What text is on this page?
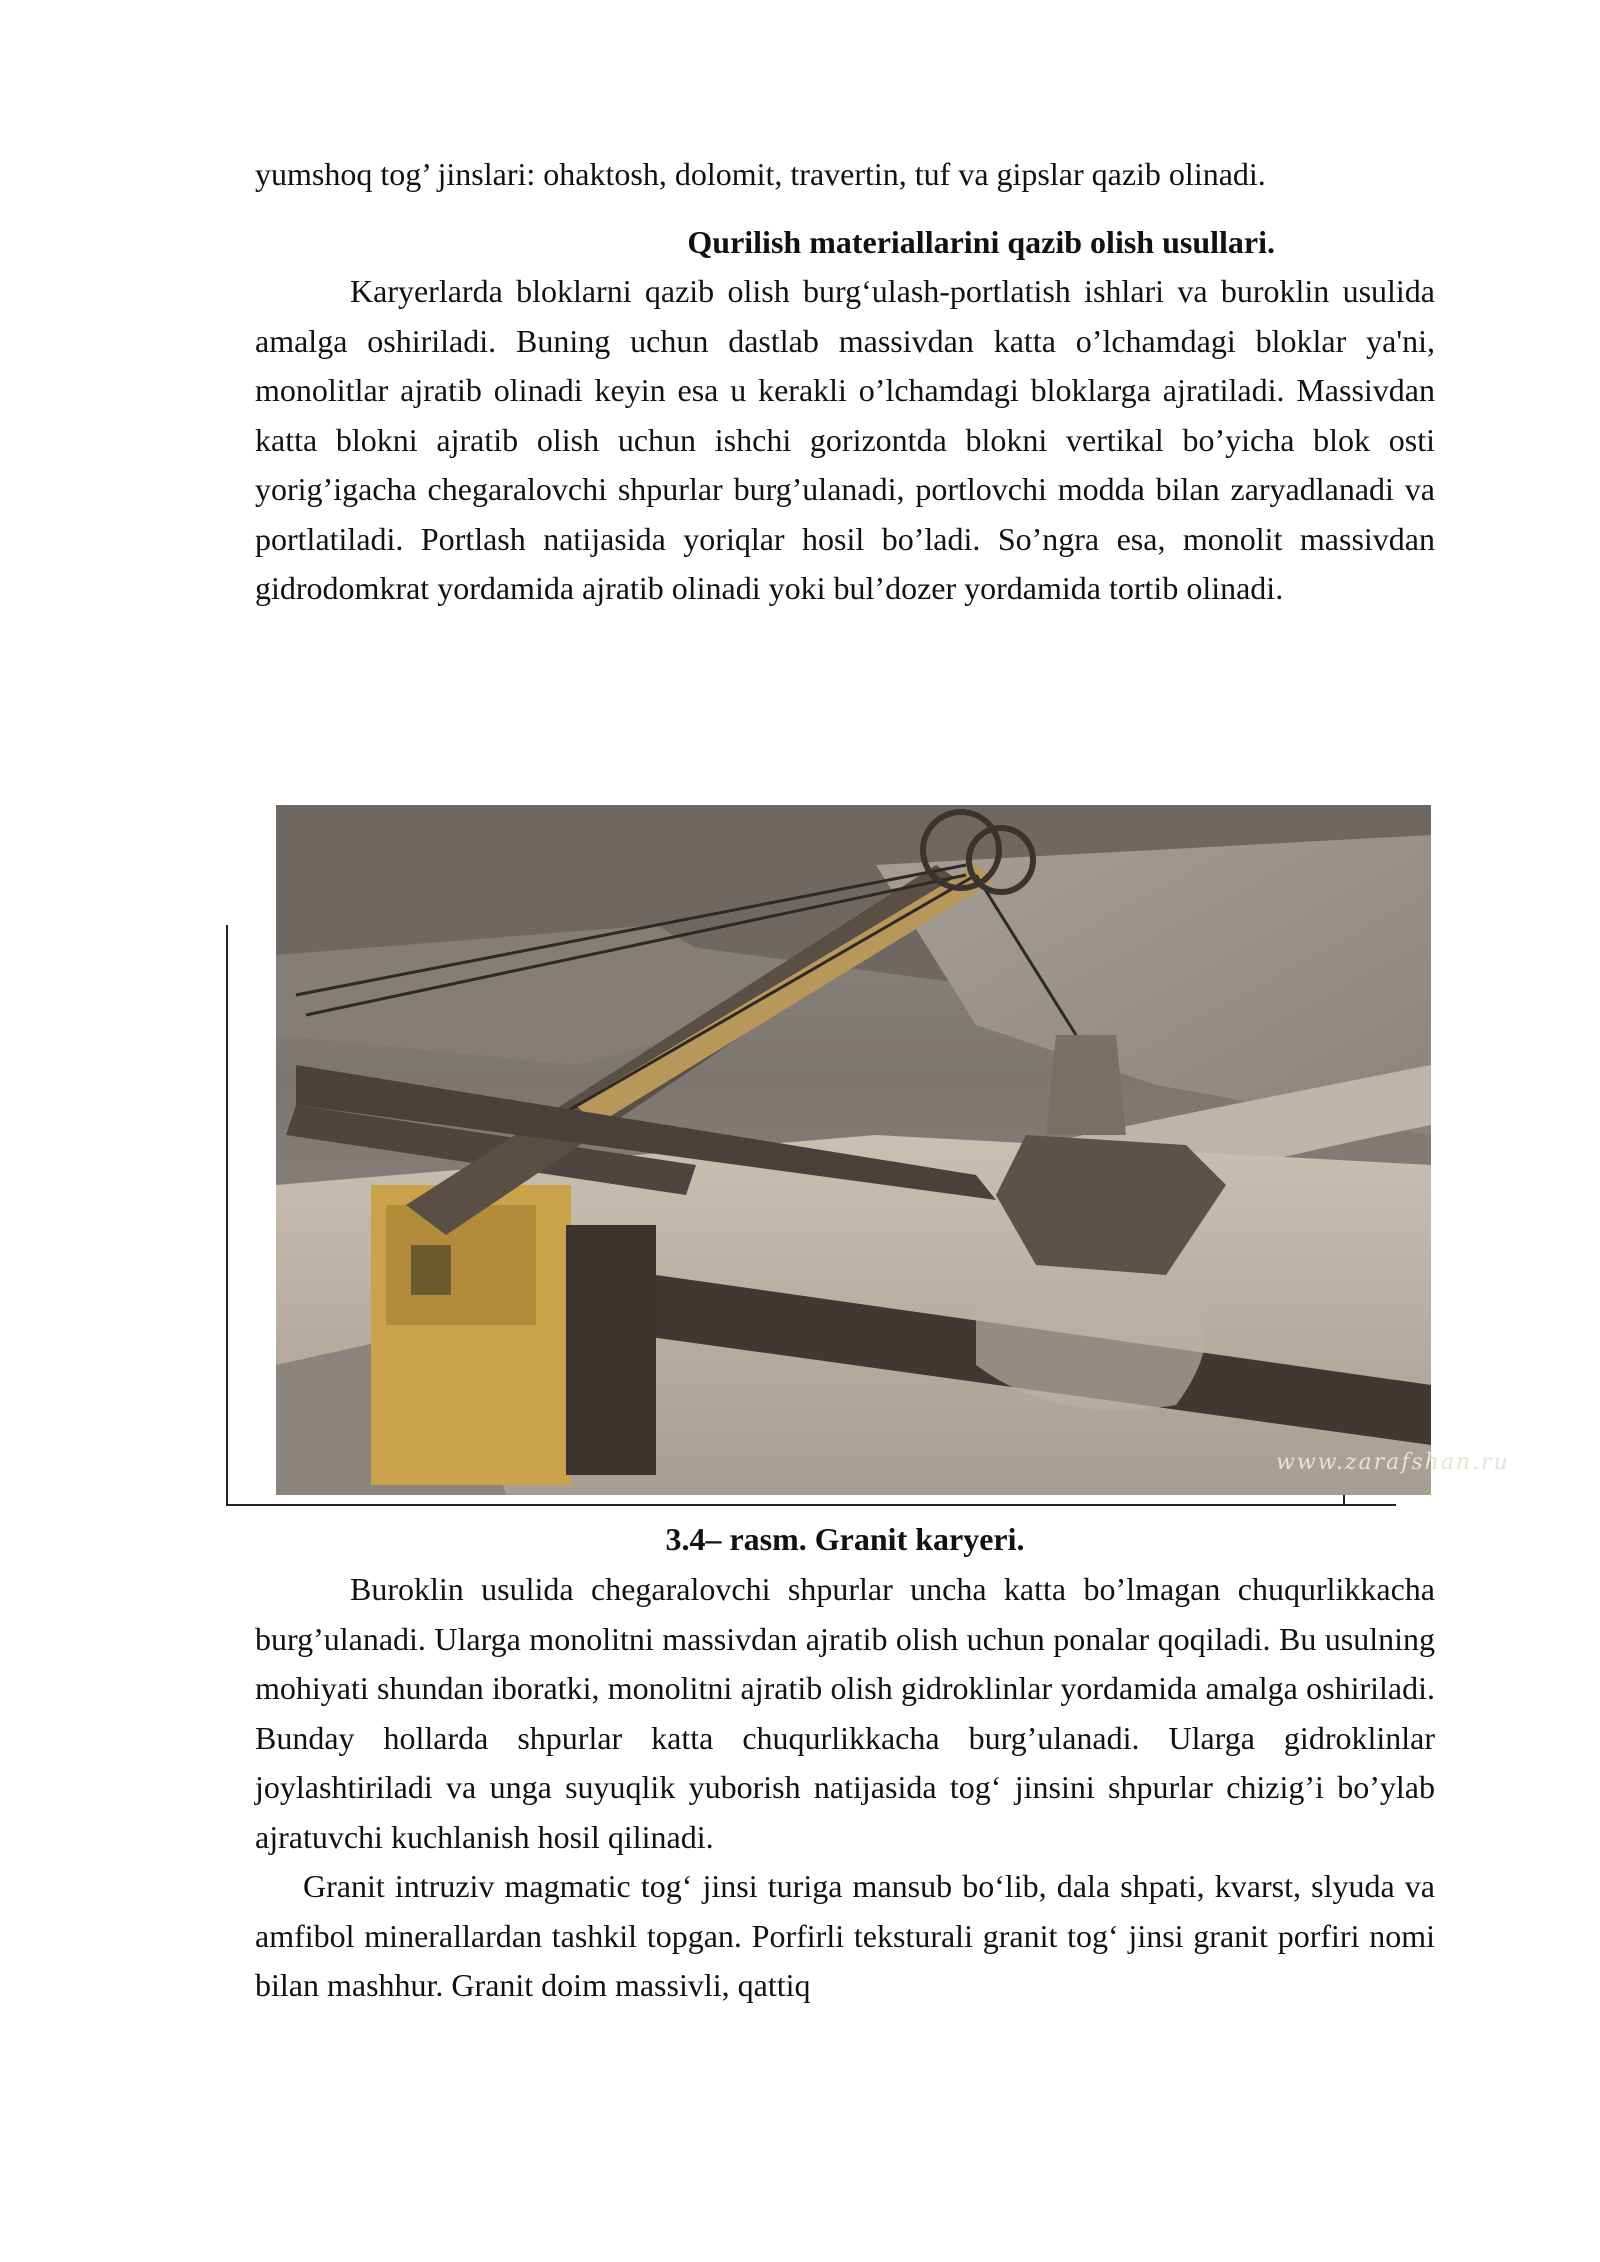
yumshoq tog’ jinslari: ohaktosh, dolomit, travertin, tuf va gipslar qazib olinadi.

Qurilish materiallarini qazib olish usullari.

Karyerlarda bloklarni qazib olish burg‘ulash-portlatish ishlari va buroklin usulida amalga oshiriladi. Buning uchun dastlab massivdan katta o’lchamdagi bloklar ya'ni, monolitlar ajratib olinadi keyin esa u kerakli o’lchamdagi bloklarga ajratiladi. Massivdan katta blokni ajratib olish uchun ishchi gorizontda blokni vertikal bo’yicha blok osti yorig’igacha chegaralovchi shpurlar burg’ulanadi, portlovchi modda bilan zaryadlanadi va portlatiladi. Portlash natijasida yoriqlar hosil bo’ladi. So’ngra esa, monolit massivdan gidrodomkrat yordamida ajratib olinadi yoki bul’dozer yordamida tortib olinadi.

www.zarafshan.ru
3.4– rasm. Granit karyeri.

Buroklin usulida chegaralovchi shpurlar uncha katta bo’lmagan chuqurlikkacha burg’ulanadi. Ularga monolitni massivdan ajratib olish uchun ponalar qoqiladi. Bu usulning mohiyati shundan iboratki, monolitni ajratib olish gidroklinlar yordamida amalga oshiriladi. Bunday hollarda shpurlar katta chuqurlikkacha burg’ulanadi. Ularga gidroklinlar joylashtiriladi va unga suyuqlik yuborish natijasida tog‘ jinsini shpurlar chizig’i bo’ylab ajratuvchi kuchlanish hosil qilinadi.

Granit intruziv magmatic tog‘ jinsi turiga mansub bo‘lib, dala shpati, kvarst, slyuda va amfibol minerallardan tashkil topgan. Porfirli teksturali granit tog‘ jinsi granit porfiri nomi bilan mashhur. Granit doim massivli, qattiq
